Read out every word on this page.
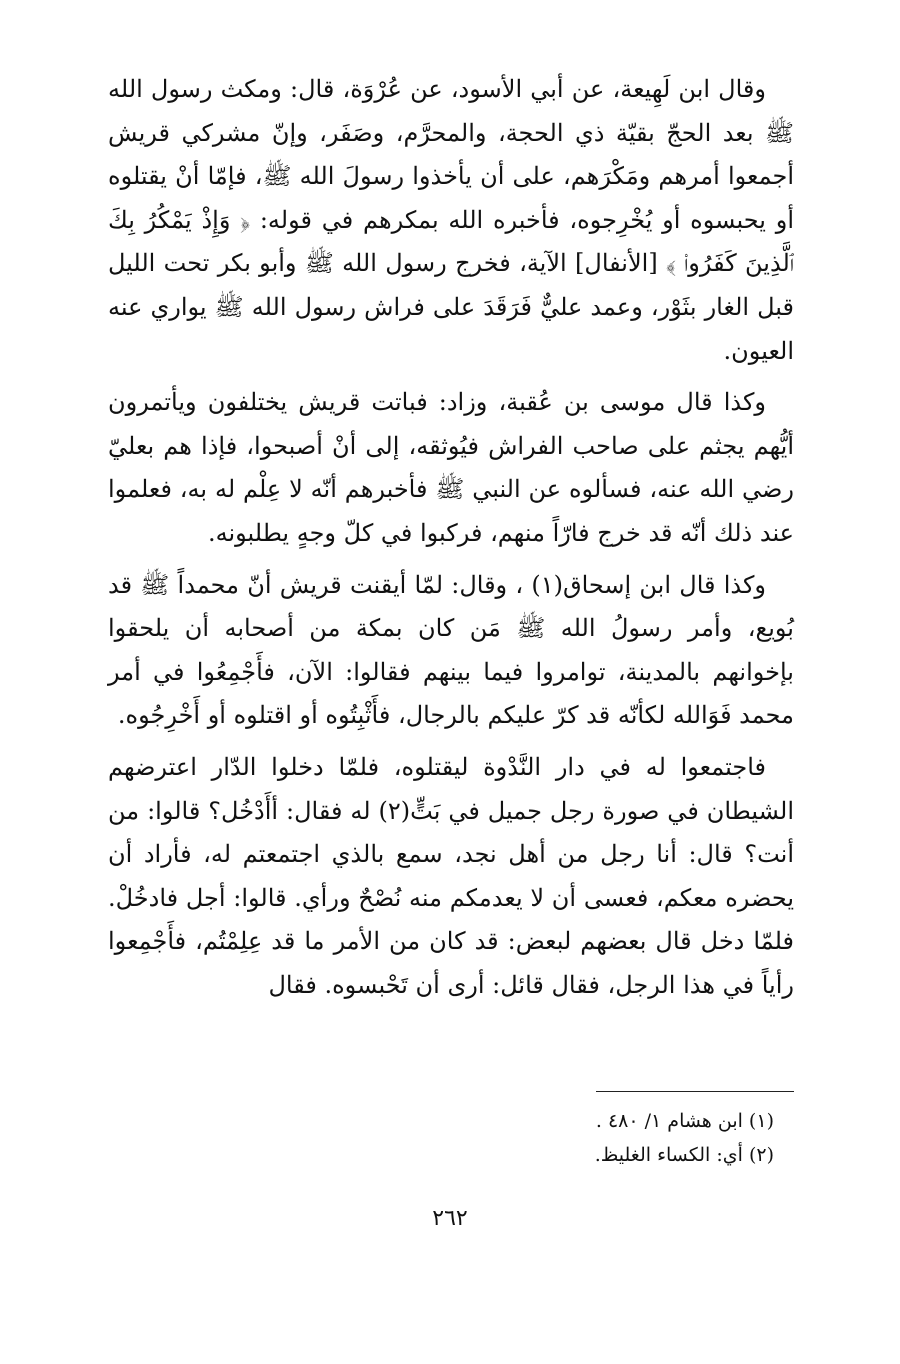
وقال ابن لَهِيعة، عن أبي الأسود، عن عُرْوَة، قال: ومكث رسول الله ﷺ بعد الحجّ بقيّة ذي الحجة، والمحرَّم، وصَفَر، وإنّ مشركي قريش أجمعوا أمرهم ومَكْرَهم، على أن يأخذوا رسولَ الله ﷺ، فإمّا أنْ يقتلوه أو يحبسوه أو يُخْرِجوه، فأخبره الله بمكرهم في قوله: ﴿ وَإِذْ يَمْكُرُ بِكَ ٱلَّذِينَ كَفَرُوا۟ ﴾ [الأنفال] الآية، فخرج رسول الله ﷺ وأبو بكر تحت الليل قبل الغار بثَوْر، وعمد عليٌّ فَرَقَدَ على فراش رسول الله ﷺ يواري عنه العيون.

وكذا قال موسى بن عُقبة، وزاد: فباتت قريش يختلفون ويأتمرون أيُّهم يجثم على صاحب الفراش فيُوثقه، إلى أنْ أصبحوا، فإذا هم بعليّ رضي الله عنه، فسألوه عن النبي ﷺ فأخبرهم أنّه لا عِلْم له به، فعلموا عند ذلك أنّه قد خرج فارّاً منهم، فركبوا في كلّ وجهٍ يطلبونه.

وكذا قال ابن إسحاق(١) ، وقال: لمّا أيقنت قريش أنّ محمداً ﷺ قد بُويع، وأمر رسولُ الله ﷺ مَن كان بمكة من أصحابه أن يلحقوا بإخوانهم بالمدينة، توامروا فيما بينهم فقالوا: الآن، فأَجْمِعُوا في أمر محمد فَوَالله لكأنّه قد كرّ عليكم بالرجال، فأَثْبِتُوه أو اقتلوه أو أَخْرِجُوه.

فاجتمعوا له في دار النَّدْوة ليقتلوه، فلمّا دخلوا الدّار اعترضهم الشيطان في صورة رجل جميل في بَتٍّ(٢) له فقال: أأَدْخُل؟ قالوا: من أنت؟ قال: أنا رجل من أهل نجد، سمع بالذي اجتمعتم له، فأراد أن يحضره معكم، فعسى أن لا يعدمكم منه نُصْحٌ ورأي. قالوا: أجل فادخُلْ. فلمّا دخل قال بعضهم لبعض: قد كان من الأمر ما قد عِلِمْتُم، فأَجْمِعوا رأياً في هذا الرجل، فقال قائل: أرى أن تَحْبسوه. فقال

(١) ابن هشام ١/ ٤٨٠ .

(٢) أي: الكساء الغليظ.

٢٦٢
